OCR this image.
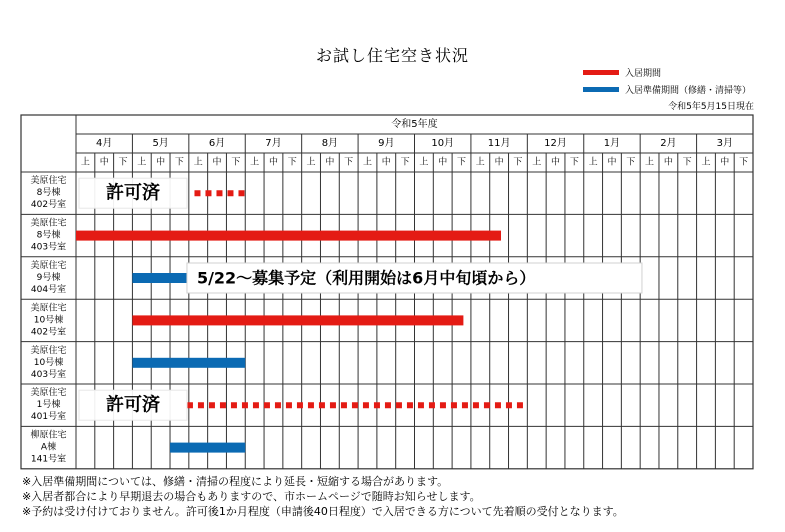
お試し住宅空き状況
入居期間
入居準備期間（修繕・清掃等）
令和5年5月15日現在
令和5年度
4月
上 中 下
5月
上 中 下
6月
上 中 下
7月
上 中 下
8月
上 中 下
9月
上 中 下
10月
上 中 下
11月
上 中 下
12月
上 中 下
1月
上 中 下
2月
上 中 下
3月
上 中 下
美原住宅
8号棟
402号室
許可済
美原住宅
8号棟
403号室
美原住宅
9号棟
404号室
5/22〜募集予定（利用開始は6月中旬頃から）
美原住宅
10号棟
402号室
美原住宅
10号棟
403号室
美原住宅
1号棟
401号室
許可済
柳原住宅
A棟
141号室
※入居準備期間については、修繕・清掃の程度により延長・短縮する場合があります。
※入居者都合により早期退去の場合もありますので、市ホームページで随時お知らせします。
※予約は受け付けておりません。許可後1か月程度（申請後40日程度）で入居できる方について先着順の受付となります。
